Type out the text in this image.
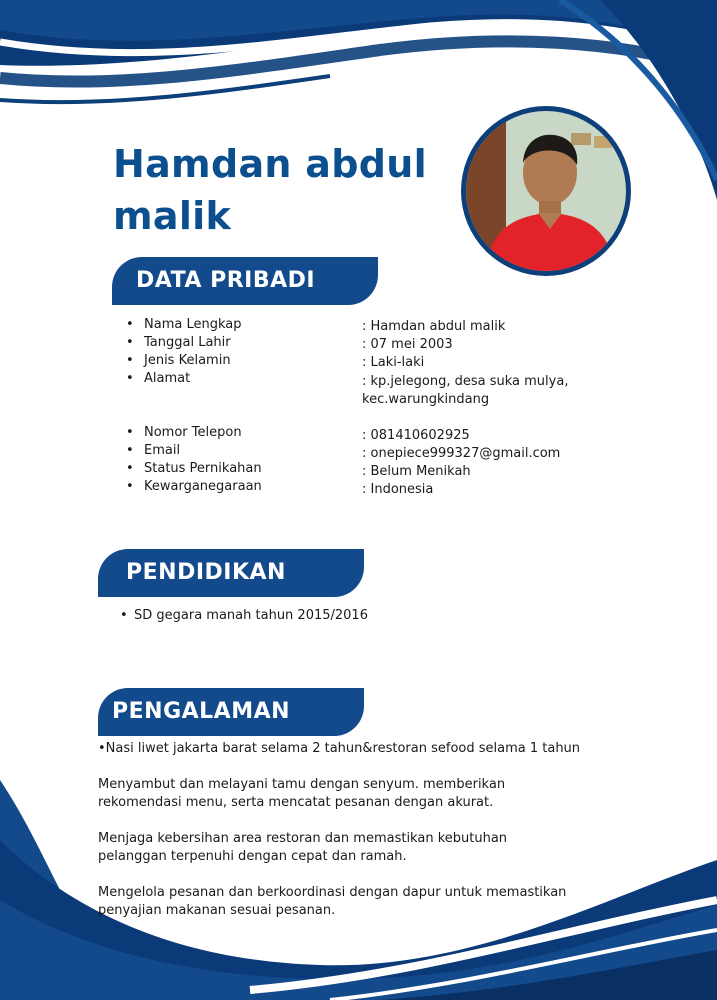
Hamdan abdul malik
DATA PRIBADI
• Nama Lengkap
• Tanggal Lahir
• Jenis Kelamin
• Alamat
• Nomor Telepon
• Email
• Status Pernikahan
• Kewarganegaraan
: Hamdan abdul malik
: 07 mei 2003
: Laki-laki
: kp.jelegong, desa suka mulya,
kec.warungkindang
: 081410602925
: onepiece999327@gmail.com
: Belum Menikah
: Indonesia
PENDIDIKAN
• SD gegara manah tahun 2015/2016
PENGALAMAN

•Nasi liwet jakarta barat selama 2 tahun&restoran sefood selama 1 tahun

Menyambut dan melayani tamu dengan senyum. memberikan rekomendasi menu, serta mencatat pesanan dengan akurat.

Menjaga kebersihan area restoran dan memastikan kebutuhan pelanggan terpenuhi dengan cepat dan ramah.

Mengelola pesanan dan berkoordinasi dengan dapur untuk memastikan penyajian makanan sesuai pesanan.
